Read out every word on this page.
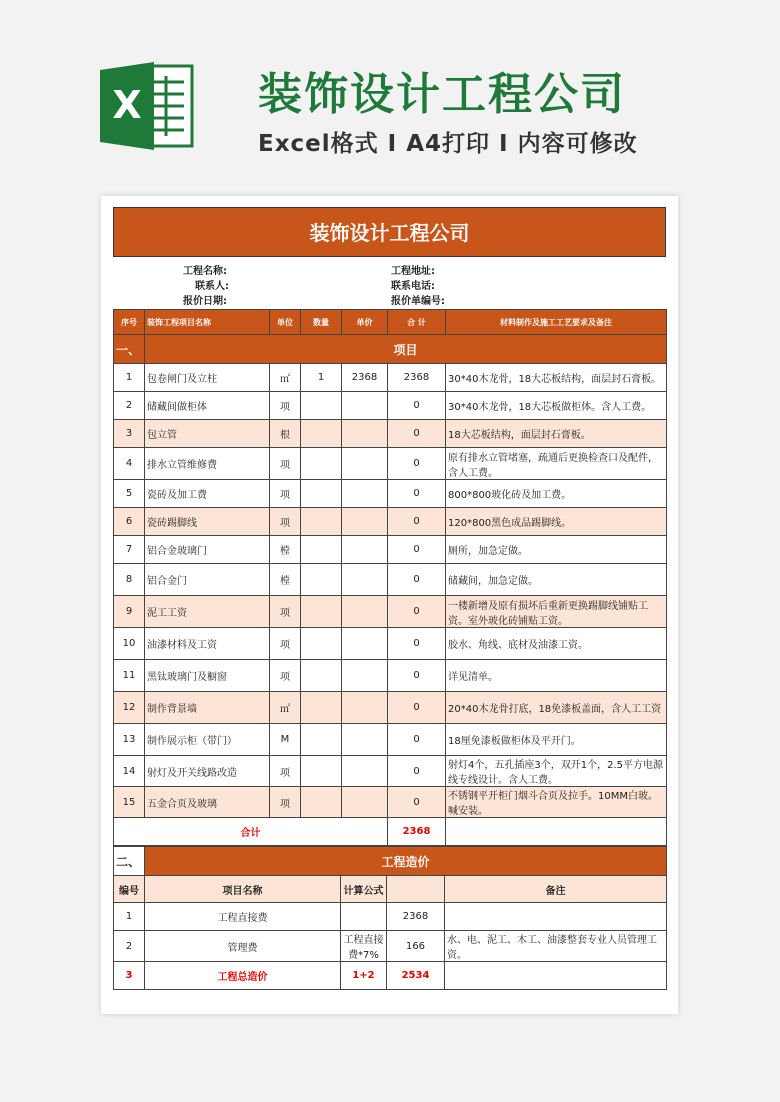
X	装饰设计工程公司
Excel格式 I A4打印 I 内容可修改
装饰设计工程公司
工程名称:
联系人:
报价日期:
工程地址:
联系电话:
报价单编号:
序号	装饰工程项目名称	单位	数量	单价	合 计	材料制作及施工工艺要求及备注
一、	项目					
1	包卷闸门及立柱	㎡	1	2368	2368	30*40木龙骨，18大芯板结构，面层封石膏板。
2	储藏间做柜体	项			0	30*40木龙骨，18大芯板做柜体。含人工费。
3	包立管	根			0	18大芯板结构，面层封石膏板。
4	排水立管维修费	项			0	原有排水立管堵塞，疏通后更换检查口及配件，含人工费。
5	瓷砖及加工费	项			0	800*800玻化砖及加工费。
6	瓷砖踢脚线	项			0	120*800黑色成品踢脚线。
7	铝合金玻璃门	樘			0	厕所，加急定做。
8	铝合金门	樘			0	储藏间，加急定做。
9	泥工工资	项			0	一楼新增及原有损坏后重新更换踢脚线铺贴工资。室外玻化砖铺贴工资。
10	油漆材料及工资	项			0	胶水、角线、底材及油漆工资。
11	黑钛玻璃门及橱窗	项			0	详见清单。
12	制作背景墙	㎡			0	20*40木龙骨打底，18免漆板盖面，含人工工资
13	制作展示柜（带门）	M			0	18厘免漆板做柜体及平开门。
14	射灯及开关线路改造	项			0	射灯4个，五孔插座3个，双开1个，2.5平方电源线专线设计。含人工费。
15	五金合页及玻璃	项			0	不锈钢平开柜门烟斗合页及拉手。10MM白玻。喊安装。
合计					2368	
二、	工程造价			
编号	项目名称	计算公式		备注
1	工程直接费		2368	
2	管理费	工程直接费*7%	166	水、电、泥工、木工、油漆整套专业人员管理工资。
3	工程总造价	1+2	2534	
